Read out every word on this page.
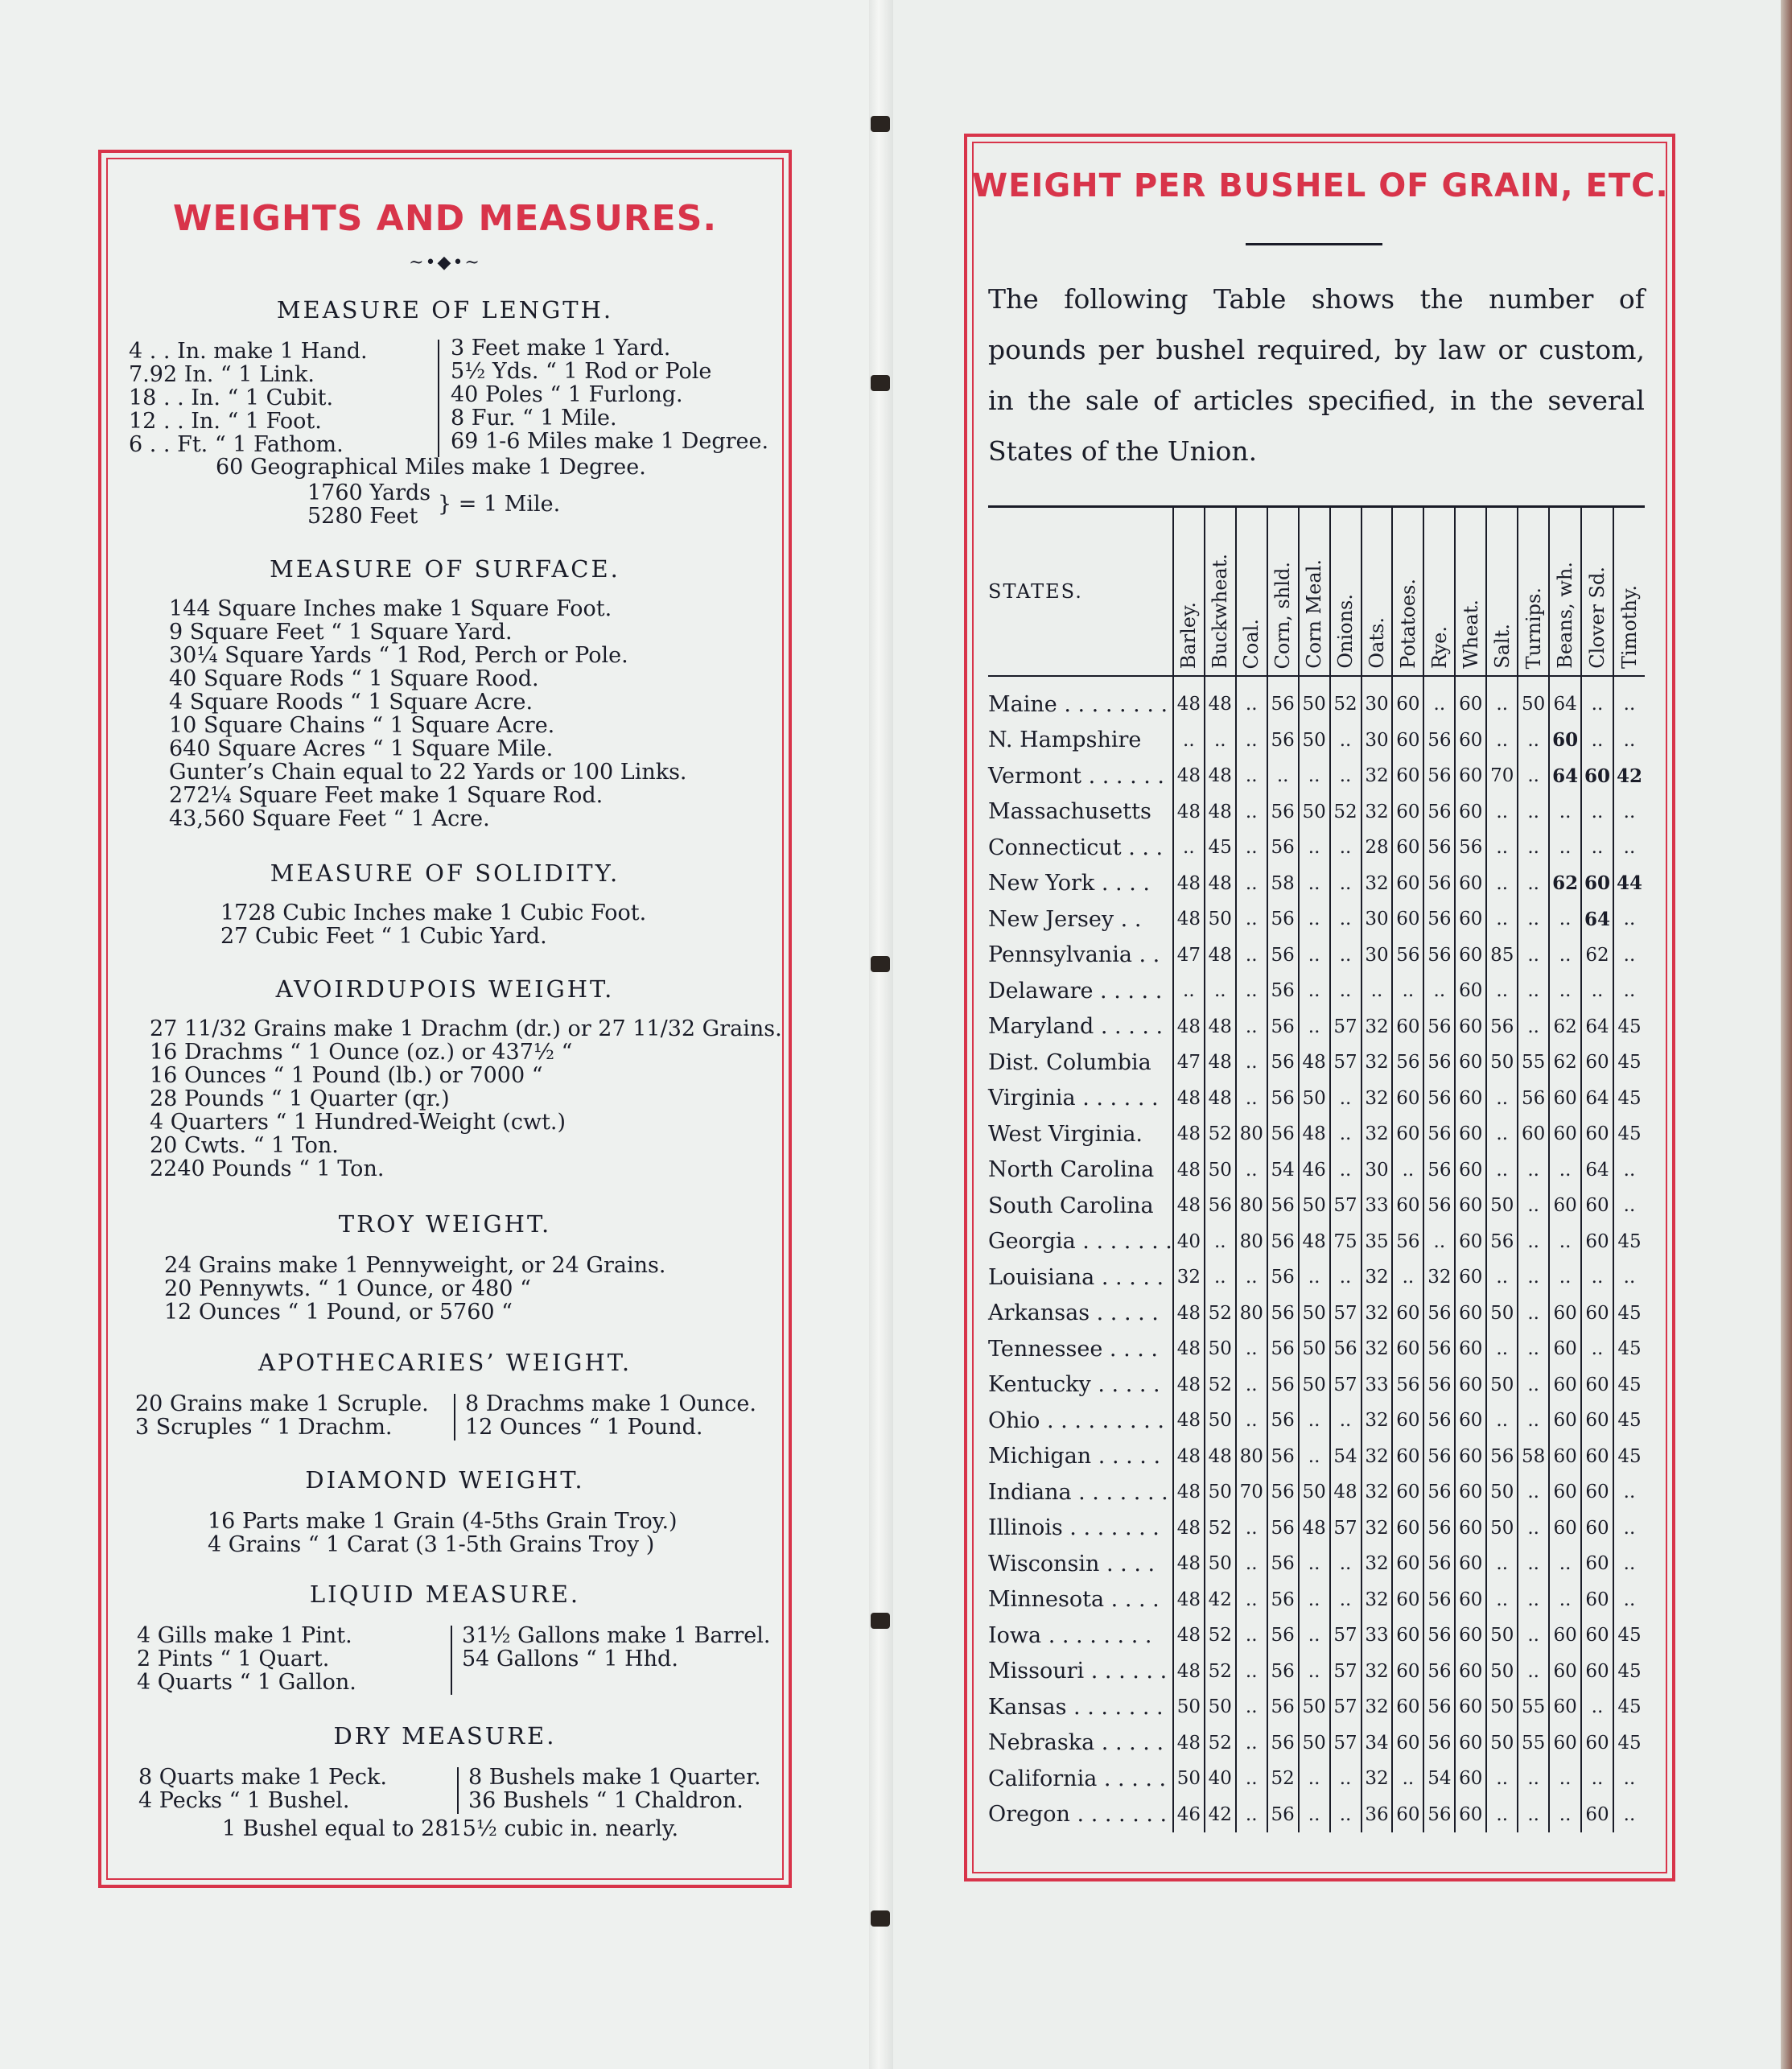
WEIGHTS AND MEASURES.
~•◆•~
MEASURE OF LENGTH.
4 . . In. make 1 Hand.
7.92 In. “ 1 Link.
18 . . In. “ 1 Cubit.
12 . . In. “ 1 Foot.
6 . . Ft. “ 1 Fathom.
3 Feet make 1 Yard.
5½ Yds. “ 1 Rod or Pole
40 Poles “ 1 Furlong.
8 Fur. “ 1 Mile.
69 1-6 Miles make 1 Degree.
60 Geographical Miles make 1 Degree.
1760 Yards
5280 Feet } = 1 Mile.
MEASURE OF SURFACE.
144 Square Inches make 1 Square Foot.
9 Square Feet “ 1 Square Yard.
30¼ Square Yards “ 1 Rod, Perch or Pole.
40 Square Rods “ 1 Square Rood.
4 Square Roods “ 1 Square Acre.
10 Square Chains “ 1 Square Acre.
640 Square Acres “ 1 Square Mile.
Gunter’s Chain equal to 22 Yards or 100 Links.
272¼ Square Feet make 1 Square Rod.
43,560 Square Feet “ 1 Acre.
MEASURE OF SOLIDITY.
1728 Cubic Inches make 1 Cubic Foot.
27 Cubic Feet “ 1 Cubic Yard.
AVOIRDUPOIS WEIGHT.
27 11/32 Grains make 1 Drachm (dr.) or 27 11/32 Grains.
16 Drachms “ 1 Ounce (oz.) or 437½ “
16 Ounces “ 1 Pound (lb.) or 7000 “
28 Pounds “ 1 Quarter (qr.)
4 Quarters “ 1 Hundred-Weight (cwt.)
20 Cwts. “ 1 Ton.
2240 Pounds “ 1 Ton.
TROY WEIGHT.
24 Grains make 1 Pennyweight, or 24 Grains.
20 Pennywts. “ 1 Ounce, or 480 “
12 Ounces “ 1 Pound, or 5760 “
APOTHECARIES’ WEIGHT.
20 Grains make 1 Scruple.
3 Scruples “ 1 Drachm.
8 Drachms make 1 Ounce.
12 Ounces “ 1 Pound.
DIAMOND WEIGHT.
16 Parts make 1 Grain (4-5ths Grain Troy.)
4 Grains “ 1 Carat (3 1-5th Grains Troy )
LIQUID MEASURE.
4 Gills make 1 Pint.
2 Pints “ 1 Quart.
4 Quarts “ 1 Gallon.
31½ Gallons make 1 Barrel.
54 Gallons “ 1 Hhd.
DRY MEASURE.
8 Quarts make 1 Peck.
4 Pecks “ 1 Bushel.
8 Bushels make 1 Quarter.
36 Bushels “ 1 Chaldron.
1 Bushel equal to 2815½ cubic in. nearly.
WEIGHT PER BUSHEL OF GRAIN, ETC.
The following Table shows the number of pounds per bushel required, by law or custom, in the sale of articles specified, in the several States of the Union.
STATES.	Barley.	Buckwheat.	Coal.	Corn, shld.	Corn Meal.	Onions.	Oats.	Potatoes.	Rye.	Wheat.	Salt.	Turnips.	Beans, wh.	Clover Sd.	Timothy.

Maine . . . . . . . .	48	48	..	56	50	52	30	60	..	60	..	50	64	..	..
N. Hampshire	..	..	..	56	50	..	30	60	56	60	..	..	60	..	..
Vermont . . . . . .	48	48	..	..	..	..	32	60	56	60	70	..	64	60	42
Massachusetts	48	48	..	56	50	52	32	60	56	60	..	..	..	..	..
Connecticut . . .	..	45	..	56	..	..	28	60	56	56	..	..	..	..	..
New York . . . .	48	48	..	58	..	..	32	60	56	60	..	..	62	60	44
New Jersey . .	48	50	..	56	..	..	30	60	56	60	..	..	..	64	..
Pennsylvania . .	47	48	..	56	..	..	30	56	56	60	85	..	..	62	..
Delaware . . . . .	..	..	..	56	..	..	..	..	..	60	..	..	..	..	..
Maryland . . . . .	48	48	..	56	..	57	32	60	56	60	56	..	62	64	45
Dist. Columbia	47	48	..	56	48	57	32	56	56	60	50	55	62	60	45
Virginia . . . . . .	48	48	..	56	50	..	32	60	56	60	..	56	60	64	45
West Virginia.	48	52	80	56	48	..	32	60	56	60	..	60	60	60	45
North Carolina	48	50	..	54	46	..	30	..	56	60	..	..	..	64	..
South Carolina	48	56	80	56	50	57	33	60	56	60	50	..	60	60	..
Georgia . . . . . . .	40	..	80	56	48	75	35	56	..	60	56	..	..	60	45
Louisiana . . . . .	32	..	..	56	..	..	32	..	32	60	..	..	..	..	..
Arkansas . . . . .	48	52	80	56	50	57	32	60	56	60	50	..	60	60	45
Tennessee . . . .	48	50	..	56	50	56	32	60	56	60	..	..	60	..	45
Kentucky . . . . .	48	52	..	56	50	57	33	56	56	60	50	..	60	60	45
Ohio . . . . . . . . .	48	50	..	56	..	..	32	60	56	60	..	..	60	60	45
Michigan . . . . .	48	48	80	56	..	54	32	60	56	60	56	58	60	60	45
Indiana . . . . . . .	48	50	70	56	50	48	32	60	56	60	50	..	60	60	..
Illinois . . . . . . .	48	52	..	56	48	57	32	60	56	60	50	..	60	60	..
Wisconsin . . . .	48	50	..	56	..	..	32	60	56	60	..	..	..	60	..
Minnesota . . . .	48	42	..	56	..	..	32	60	56	60	..	..	..	60	..
Iowa . . . . . . . .	48	52	..	56	..	57	33	60	56	60	50	..	60	60	45
Missouri . . . . . .	48	52	..	56	..	57	32	60	56	60	50	..	60	60	45
Kansas . . . . . . .	50	50	..	56	50	57	32	60	56	60	50	55	60	..	45
Nebraska . . . . .	48	52	..	56	50	57	34	60	56	60	50	55	60	60	45
California . . . . .	50	40	..	52	..	..	32	..	54	60	..	..	..	..	..
Oregon . . . . . . .	46	42	..	56	..	..	36	60	56	60	..	..	..	60	..
